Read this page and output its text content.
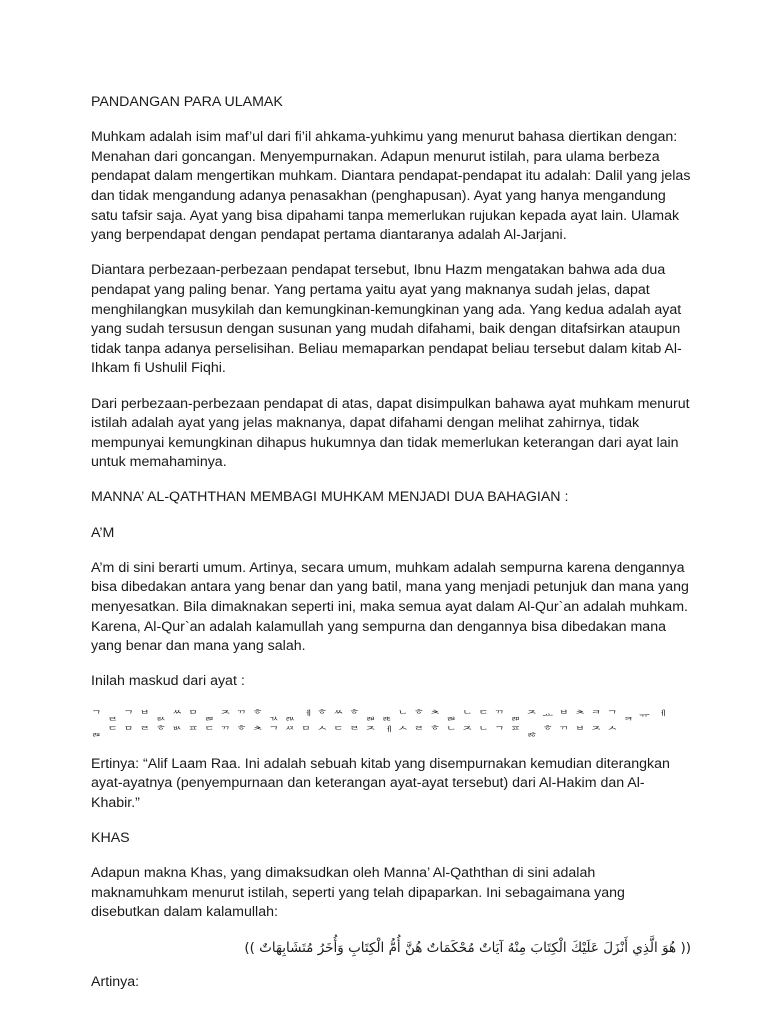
PANDANGAN PARA ULAMAK

Muhkam adalah isim maf’ul dari fi’il ahkama-yuhkimu yang menurut bahasa diertikan dengan: Menahan dari goncangan. Menyempurnakan. Adapun menurut istilah, para ulama berbeza pendapat dalam mengertikan muhkam. Diantara pendapat-pendapat itu adalah: Dalil yang jelas dan tidak mengandung adanya penasakhan (penghapusan). Ayat yang hanya mengandung satu tafsir saja. Ayat yang bisa dipahami tanpa memerlukan rujukan kepada ayat lain. Ulamak yang berpendapat dengan pendapat pertama diantaranya adalah Al-Jarjani.

Diantara perbezaan-perbezaan pendapat tersebut, Ibnu Hazm mengatakan bahwa ada dua pendapat yang paling benar. Yang pertama yaitu ayat yang maknanya sudah jelas, dapat menghilangkan musykilah dan kemungkinan-kemungkinan yang ada. Yang kedua adalah ayat yang sudah tersusun dengan susunan yang mudah difahami, baik dengan ditafsirkan ataupun tidak tanpa adanya perselisihan. Beliau memaparkan pendapat beliau tersebut dalam kitab Al-Ihkam fi Ushulil Fiqhi.

Dari perbezaan-perbezaan pendapat di atas, dapat disimpulkan bahawa ayat muhkam menurut istilah adalah ayat yang jelas maknanya, dapat difahami dengan melihat zahirnya, tidak mempunyai kemungkinan dihapus hukumnya dan tidak memerlukan keterangan dari ayat lain untuk memahaminya.

MANNA’ AL-QATHTHAN MEMBAGI MUHKAM MENJADI DUA BAHAGIAN :

A’M

A’m di sini berarti umum. Artinya, secara umum, muhkam adalah sempurna karena dengannya bisa dibedakan antara yang benar dan yang batil, mana yang menjadi petunjuk dan mana yang menyesatkan. Bila dimaknakan seperti ini, maka semua ayat dalam Al-Qur`an adalah muhkam. Karena, Al-Qur`an adalah kalamullah yang sempurna dan dengannya bisa dibedakan mana yang benar dan mana yang salah.

Inilah maskud dari ayat :

ᄀ ᆯ ᄀ ᄇ ᆳ ᄊ ᄆ ᆱ ᄌ ᄁ ᄒ ᆪ ᇌ ᅦ ᄒ ᄊ ᄒ ᆲ ᆴ ᄂ ᄒ ᄎ ᆲ ᄂ ᄃ ᄁ ᆱ ᄌ ᅭ ᄇ ᄎ ᄏ ᄀ ᆿ ᅲ ᅦ
ᆵ ᄃ ᄆ ᄅ ᄒ ᄡ ᄑ ᄃ ᄁ ᄒ ᄎ ᄀ ᄶ ᄆ ᄉ ᄃ ᄅ ᄌ ᅦ ᄉ ᄅ ᄒ ᄂ ᄌ ᄂ ᄀ ᄑ ᆶ ᄒ ᄁ ᄇ ᄌ ᄉ

Ertinya: “Alif Laam Raa. Ini adalah sebuah kitab yang disempurnakan kemudian diterangkan ayat-ayatnya (penyempurnaan dan keterangan ayat-ayat tersebut) dari Al-Hakim dan Al-Khabir.”

KHAS

Adapun makna Khas, yang dimaksudkan oleh Manna’ Al-Qaththan di sini adalah maknamuhkam menurut istilah, seperti yang telah dipaparkan. Ini sebagaimana yang disebutkan dalam kalamullah:

(( هُوَ الَّذِي أَنْزَلَ عَلَيْكَ الْكِتَابَ مِنْهُ آيَاتٌ مُحْكَمَاتٌ هُنَّ أُمُّ الْكِتَابِ وَأُخَرُ مُتَشَابِهَاتٌ ))

Artinya:
